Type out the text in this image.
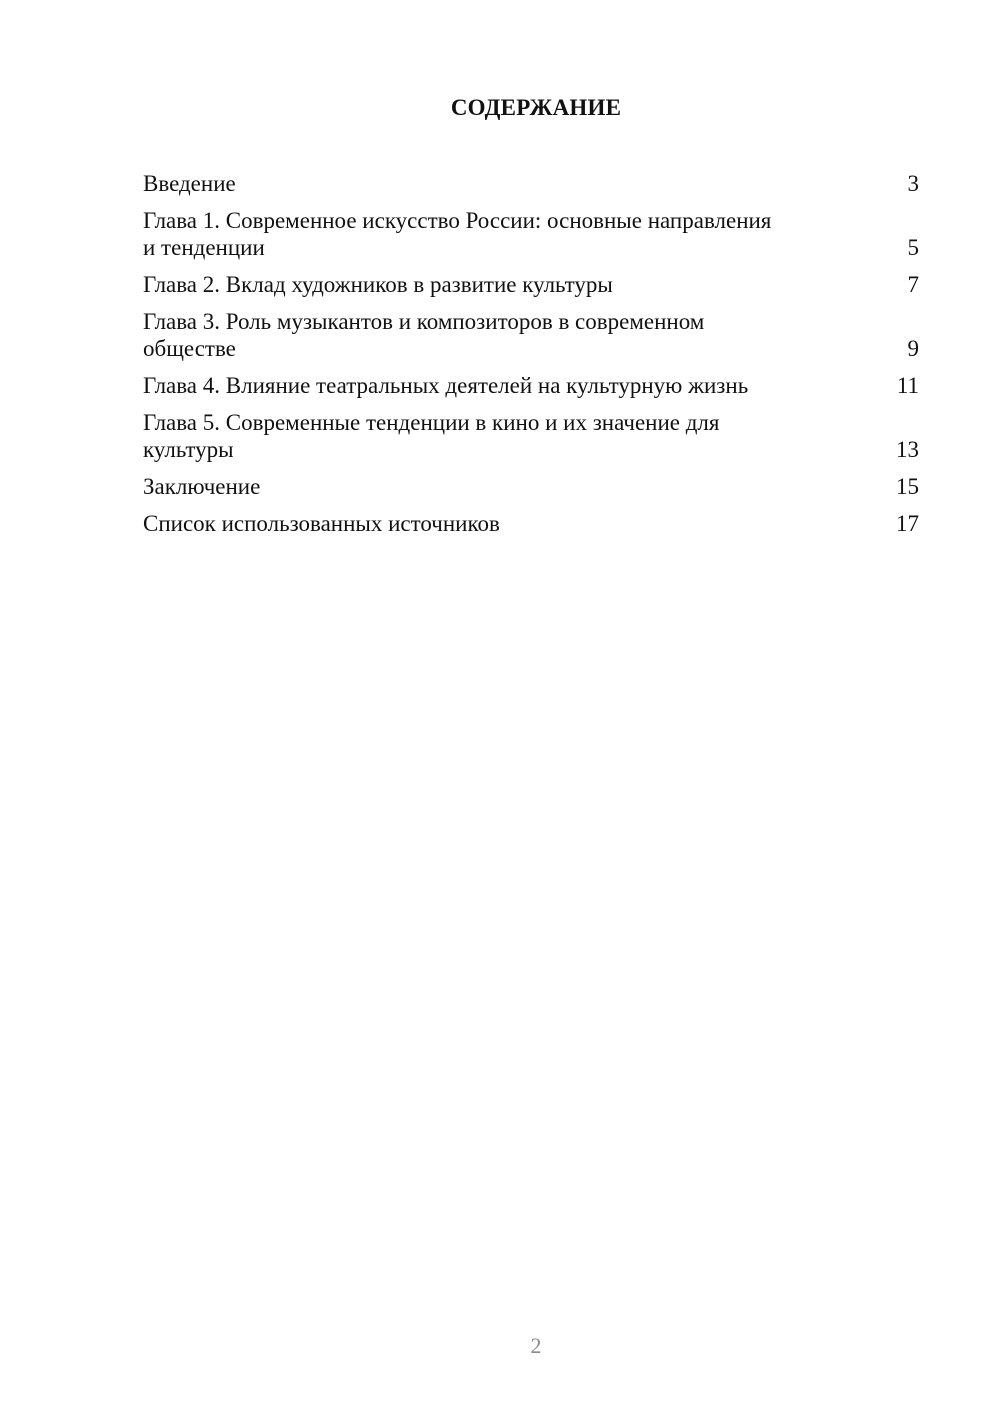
СОДЕРЖАНИЕ
Введение	3
Глава 1. Современное искусство России: основные направления
и тенденции	5
Глава 2. Вклад художников в развитие культуры	7
Глава 3. Роль музыкантов и композиторов в современном
обществе	9
Глава 4. Влияние театральных деятелей на культурную жизнь	11
Глава 5. Современные тенденции в кино и их значение для
культуры	13
Заключение	15
Список использованных источников	17
2
